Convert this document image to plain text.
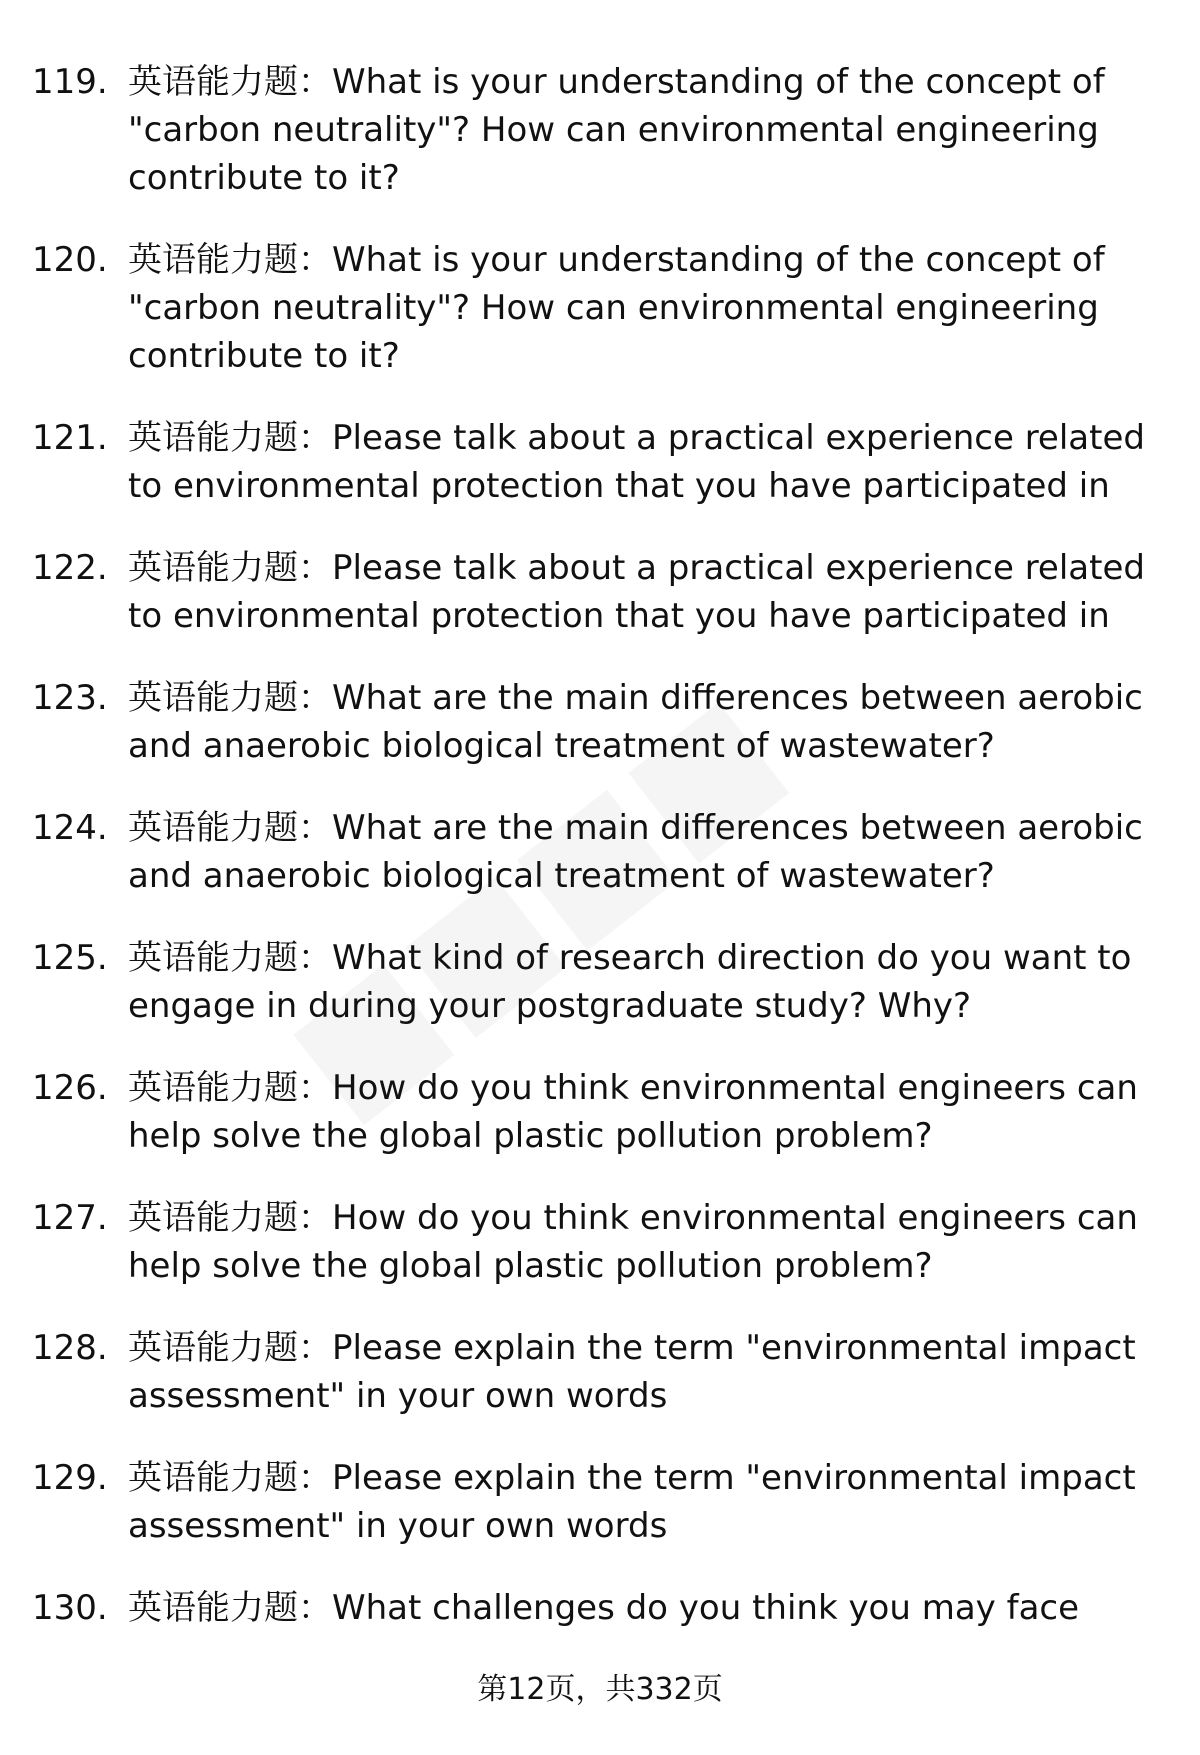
119. 英语能力题：What is your understanding of the concept of "carbon neutrality"? How can environmental engineering contribute to it?
120. 英语能力题：What is your understanding of the concept of "carbon neutrality"? How can environmental engineering contribute to it?
121. 英语能力题：Please talk about a practical experience related to environmental protection that you have participated in
122. 英语能力题：Please talk about a practical experience related to environmental protection that you have participated in
123. 英语能力题：What are the main differences between aerobic and anaerobic biological treatment of wastewater?
124. 英语能力题：What are the main differences between aerobic and anaerobic biological treatment of wastewater?
125. 英语能力题：What kind of research direction do you want to engage in during your postgraduate study? Why?
126. 英语能力题：How do you think environmental engineers can help solve the global plastic pollution problem?
127. 英语能力题：How do you think environmental engineers can help solve the global plastic pollution problem?
128. 英语能力题：Please explain the term "environmental impact assessment" in your own words
129. 英语能力题：Please explain the term "environmental impact assessment" in your own words
130. 英语能力题：What challenges do you think you may face
第12页，共332页
